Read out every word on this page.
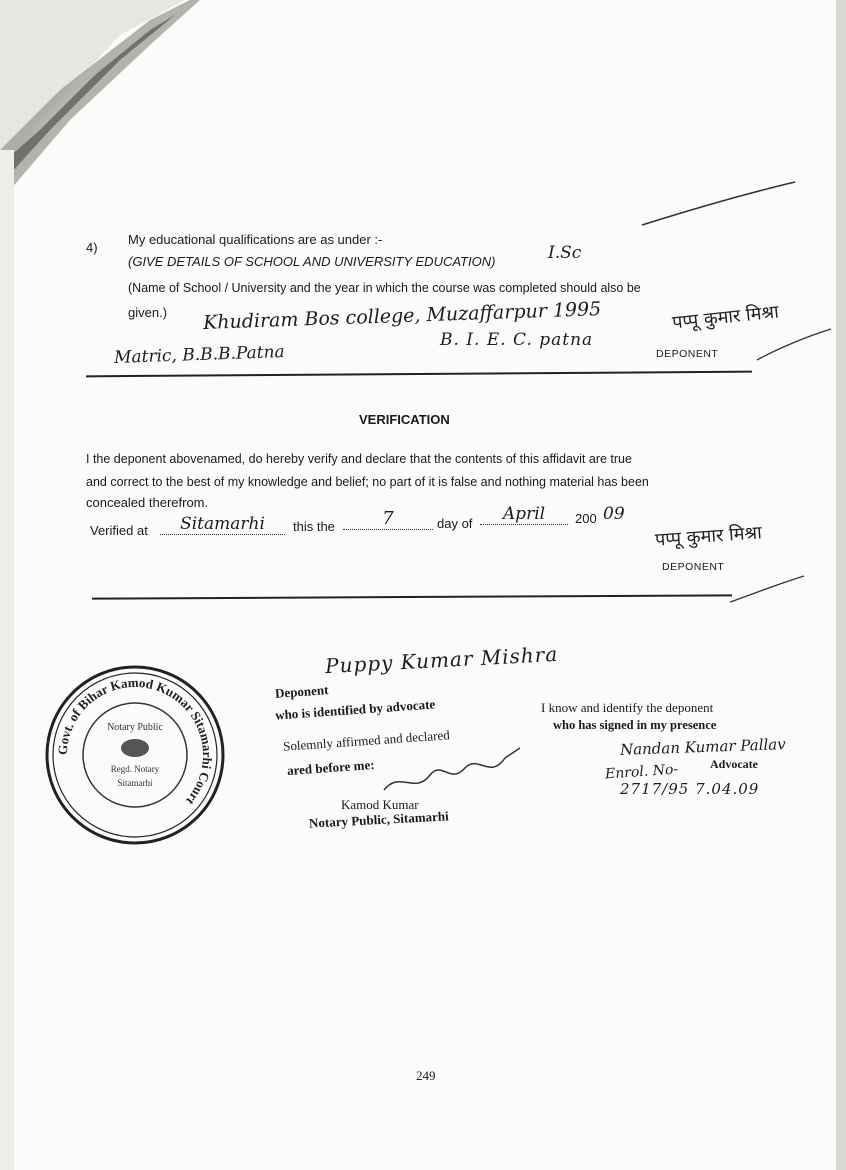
4)
My educational qualifications are as under :-
(GIVE DETAILS OF SCHOOL AND UNIVERSITY EDUCATION)
(Name of School / University and the year in which the course was completed should also be
given.)
I.Sc
Khudiram Bos college, Muzaffarpur 1995
Matric, B.B.B.Patna
B. I. E. C. patna
पप्पू कुमार मिश्रा
DEPONENT
VERIFICATION
I the deponent abovenamed, do hereby verify and declare that the contents of this affidavit are true
and correct to the best of my knowledge and belief; no part of it is false and nothing material has been
concealed therefrom.
Verified at	Sitamarhi	this the	7	day of	April	200 09
पप्पू कुमार मिश्रा
DEPONENT
Govt. of Bihar Kamod Kumar Sitamarhi Court
Notary Public
Regd. Notary
Sitamarhi
Puppy Kumar Mishra
Deponent
who is identified by advocate
Solemnly affirmed and declared
ared before me:
Kamod Kumar
Notary Public, Sitamarhi
I know and identify the deponent
who has signed in my presence
Nandan Kumar Pallav
Advocate
Enrol. No-
2717/95 7.04.09
249
